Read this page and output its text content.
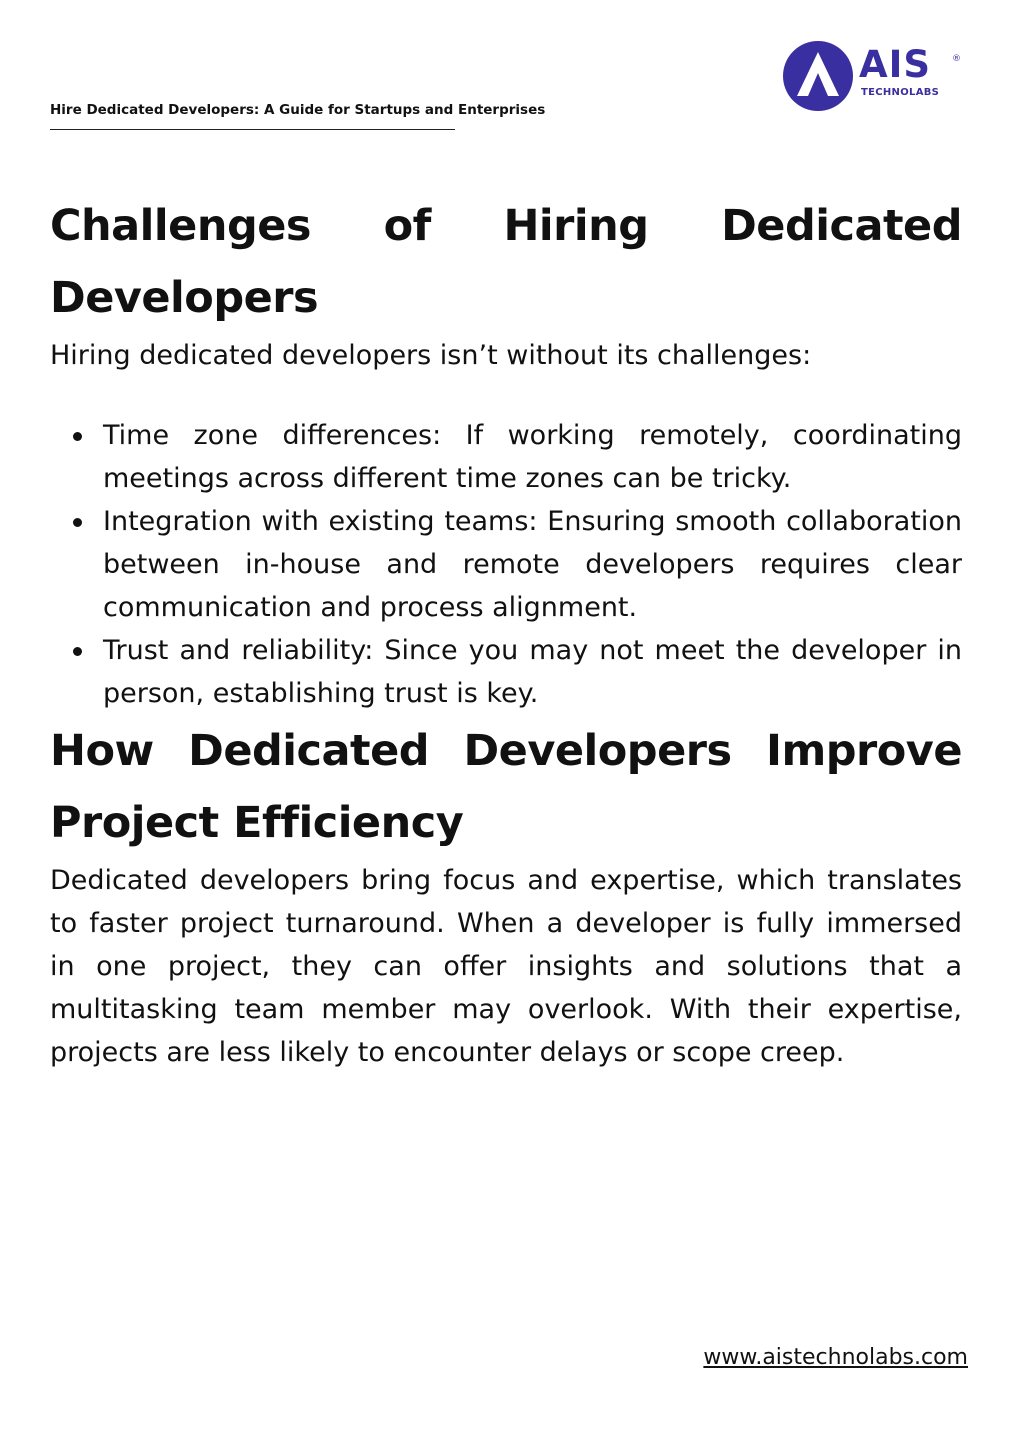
Hire Dedicated Developers: A Guide for Startups and Enterprises
AIS ®
TECHNOLABS
Challenges of Hiring Dedicated Developers

Hiring dedicated developers isn’t without its challenges:

Time zone differences: If working remotely, coordinating meetings across different time zones can be tricky.
Integration with existing teams: Ensuring smooth collaboration between in-house and remote developers requires clear communication and process alignment.
Trust and reliability: Since you may not meet the developer in person, establishing trust is key.
How Dedicated Developers Improve Project Efficiency

Dedicated developers bring focus and expertise, which translates to faster project turnaround. When a developer is fully immersed in one project, they can offer insights and solutions that a multitasking team member may overlook. With their expertise, projects are less likely to encounter delays or scope creep.

www.aistechnolabs.com
